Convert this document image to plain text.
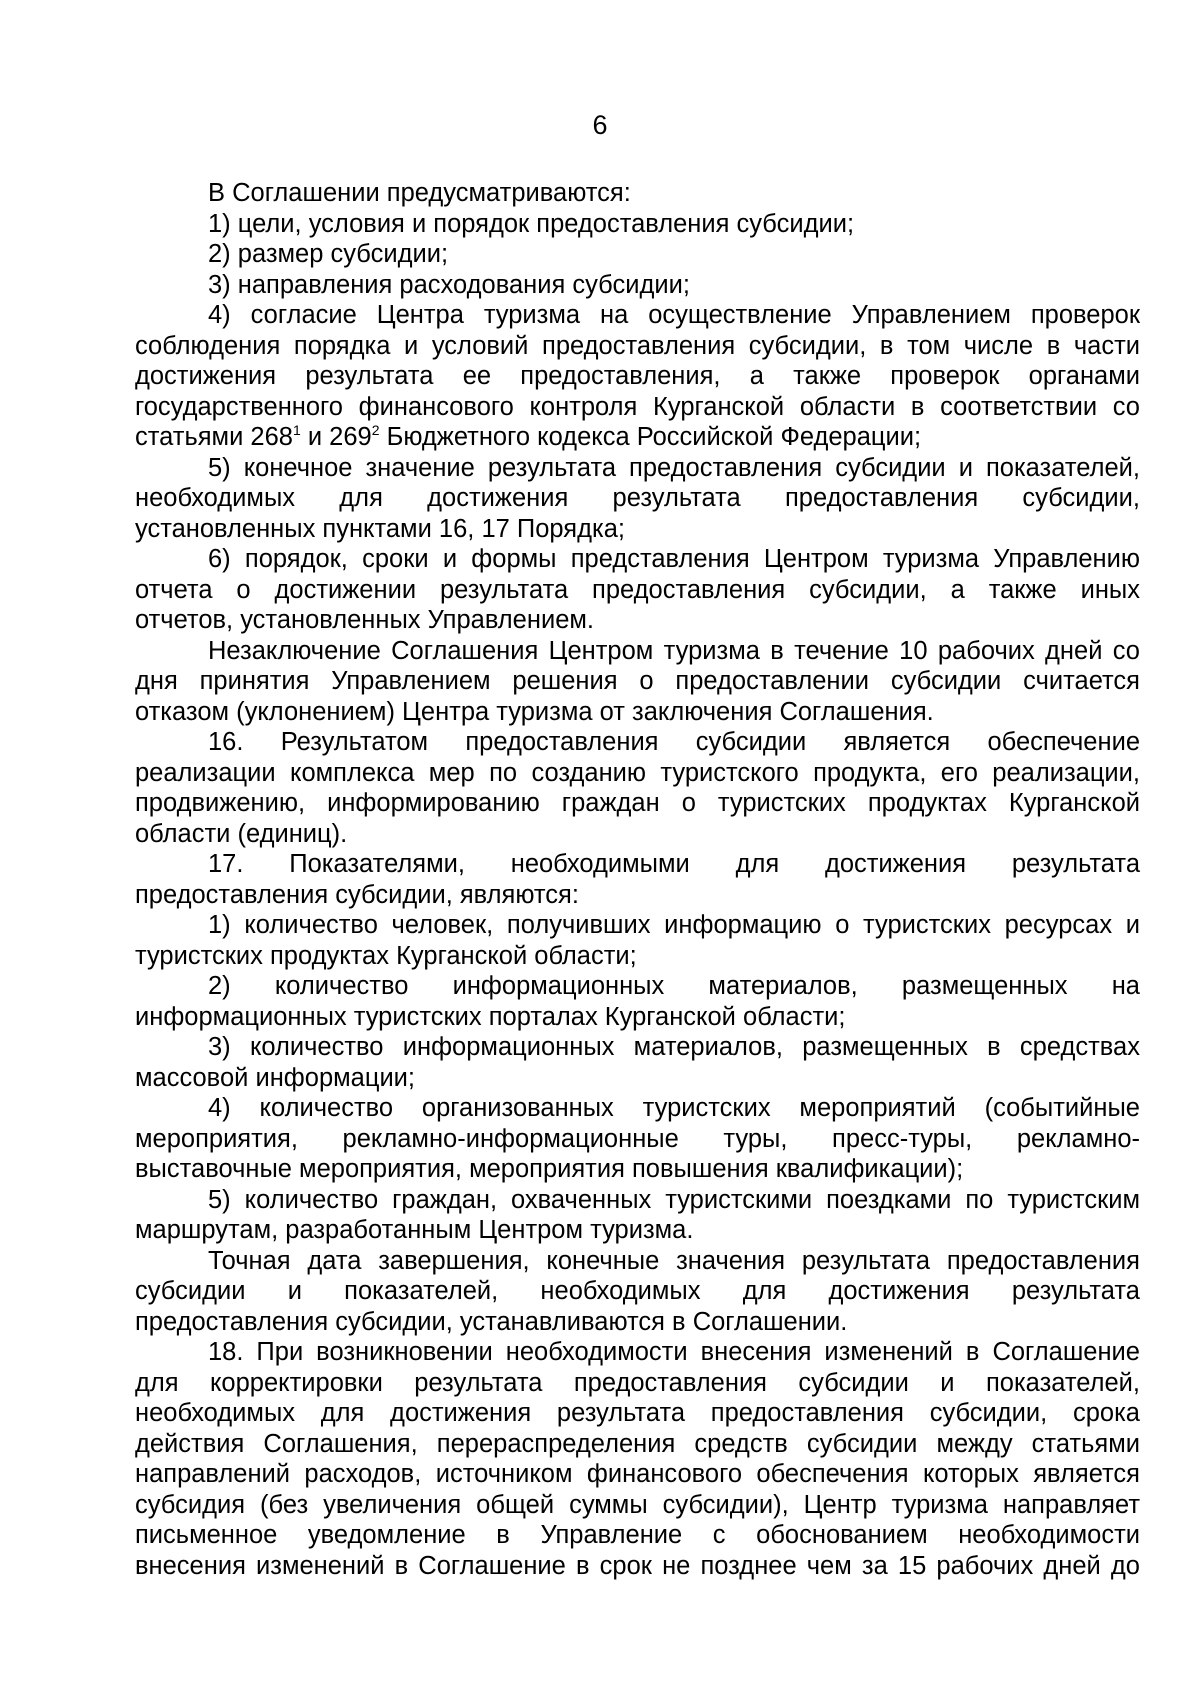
6
В Соглашении предусматриваются:
1) цели, условия и порядок предоставления субсидии;
2) размер субсидии;
3) направления расходования субсидии;
4) согласие Центра туризма на осуществление Управлением проверок
соблюдения порядка и условий предоставления субсидии, в том числе в части
достижения результата ее предоставления, а также проверок органами
государственного финансового контроля Курганской области в соответствии со
статьями $268^1$ и $269^2$ Бюджетного кодекса Российской Федерации;
5) конечное значение результата предоставления субсидии и показателей,
необходимых для достижения результата предоставления субсидии,
установленных пунктами 16, 17 Порядка;
6) порядок, сроки и формы представления Центром туризма Управлению
отчета о достижении результата предоставления субсидии, а также иных
отчетов, установленных Управлением.
Незаключение Соглашения Центром туризма в течение 10 рабочих дней со
дня принятия Управлением решения о предоставлении субсидии считается
отказом (уклонением) Центра туризма от заключения Соглашения.
16. Результатом предоставления субсидии является обеспечение
реализации комплекса мер по созданию туристского продукта, его реализации,
продвижению, информированию граждан о туристских продуктах Курганской
области (единиц).
17. Показателями, необходимыми для достижения результата
предоставления субсидии, являются:
1) количество человек, получивших информацию о туристских ресурсах и
туристских продуктах Курганской области;
2) количество информационных материалов, размещенных на
информационных туристских порталах Курганской области;
3) количество информационных материалов, размещенных в средствах
массовой информации;
4) количество организованных туристских мероприятий (событийные
мероприятия, рекламно-информационные туры, пресс-туры, рекламно-
выставочные мероприятия, мероприятия повышения квалификации);
5) количество граждан, охваченных туристскими поездками по туристским
маршрутам, разработанным Центром туризма.
Точная дата завершения, конечные значения результата предоставления
субсидии и показателей, необходимых для достижения результата
предоставления субсидии, устанавливаются в Соглашении.
18. При возникновении необходимости внесения изменений в Соглашение
для корректировки результата предоставления субсидии и показателей,
необходимых для достижения результата предоставления субсидии, срока
действия Соглашения, перераспределения средств субсидии между статьями
направлений расходов, источником финансового обеспечения которых является
субсидия (без увеличения общей суммы субсидии), Центр туризма направляет
письменное уведомление в Управление с обоснованием необходимости
внесения изменений в Соглашение в срок не позднее чем за 15 рабочих дней до
